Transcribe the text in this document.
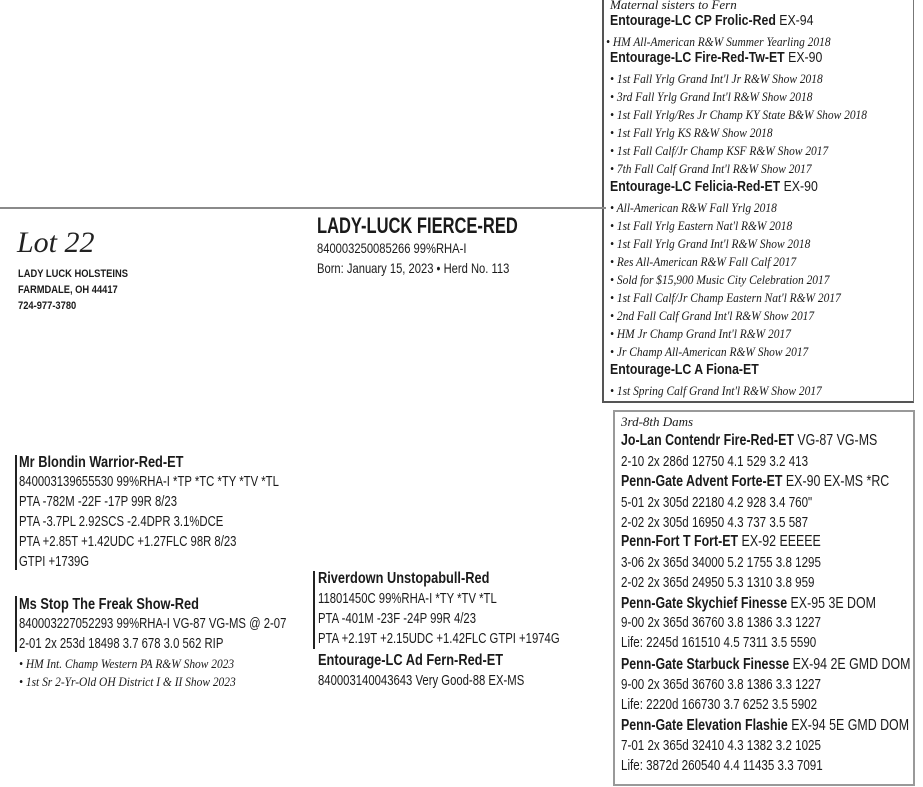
Maternal sisters to Fern
Entourage-LC CP Frolic-Red EX-94
• HM All-American R&W Summer Yearling 2018
Entourage-LC Fire-Red-Tw-ET EX-90
• 1st Fall Yrlg Grand Int'l Jr R&W Show 2018
• 3rd Fall Yrlg Grand Int'l R&W Show 2018
• 1st Fall Yrlg/Res Jr Champ KY State B&W Show 2018
• 1st Fall Yrlg KS R&W Show 2018
• 1st Fall Calf/Jr Champ KSF R&W Show 2017
• 7th Fall Calf Grand Int'l R&W Show 2017
Entourage-LC Felicia-Red-ET EX-90
• All-American R&W Fall Yrlg 2018
• 1st Fall Yrlg Eastern Nat'l R&W 2018
• 1st Fall Yrlg Grand Int'l R&W Show 2018
• Res All-American R&W Fall Calf 2017
• Sold for $15,900 Music City Celebration 2017
• 1st Fall Calf/Jr Champ Eastern Nat'l R&W 2017
• 2nd Fall Calf Grand Int'l R&W Show 2017
• HM Jr Champ Grand Int'l R&W 2017
• Jr Champ All-American R&W Show 2017
Entourage-LC A Fiona-ET
• 1st Spring Calf Grand Int'l R&W Show 2017
Lot 22
LADY LUCK HOLSTEINS
FARMDALE, OH 44417
724-977-3780
LADY-LUCK FIERCE-RED
840003250085266 99%RHA-I
Born: January 15, 2023 • Herd No. 113
Mr Blondin Warrior-Red-ET
840003139655530 99%RHA-I *TP *TC *TY *TV *TL
PTA -782M -22F -17P 99R 8/23
PTA -3.7PL 2.92SCS -2.4DPR 3.1%DCE
PTA +2.85T +1.42UDC +1.27FLC 98R 8/23
GTPI +1739G
Ms Stop The Freak Show-Red
840003227052293 99%RHA-I VG-87 VG-MS @ 2-07
2-01 2x 253d 18498 3.7 678 3.0 562 RIP
• HM Int. Champ Western PA R&W Show 2023
• 1st Sr 2-Yr-Old OH District I & II Show 2023
Riverdown Unstopabull-Red
11801450C 99%RHA-I *TY *TV *TL
PTA -401M -23F -24P 99R 4/23
PTA +2.19T +2.15UDC +1.42FLC GTPI +1974G
Entourage-LC Ad Fern-Red-ET
840003140043643 Very Good-88 EX-MS
3rd-8th Dams
Jo-Lan Contendr Fire-Red-ET VG-87 VG-MS
2-10 2x 286d 12750 4.1 529 3.2 413
Penn-Gate Advent Forte-ET EX-90 EX-MS *RC
5-01 2x 305d 22180 4.2 928 3.4 760"
2-02 2x 305d 16950 4.3 737 3.5 587
Penn-Fort T Fort-ET EX-92 EEEEE
3-06 2x 365d 34000 5.2 1755 3.8 1295
2-02 2x 365d 24950 5.3 1310 3.8 959
Penn-Gate Skychief Finesse EX-95 3E DOM
9-00 2x 365d 36760 3.8 1386 3.3 1227
Life: 2245d 161510 4.5 7311 3.5 5590
Penn-Gate Starbuck Finesse EX-94 2E GMD DOM
9-00 2x 365d 36760 3.8 1386 3.3 1227
Life: 2220d 166730 3.7 6252 3.5 5902
Penn-Gate Elevation Flashie EX-94 5E GMD DOM
7-01 2x 365d 32410 4.3 1382 3.2 1025
Life: 3872d 260540 4.4 11435 3.3 7091
